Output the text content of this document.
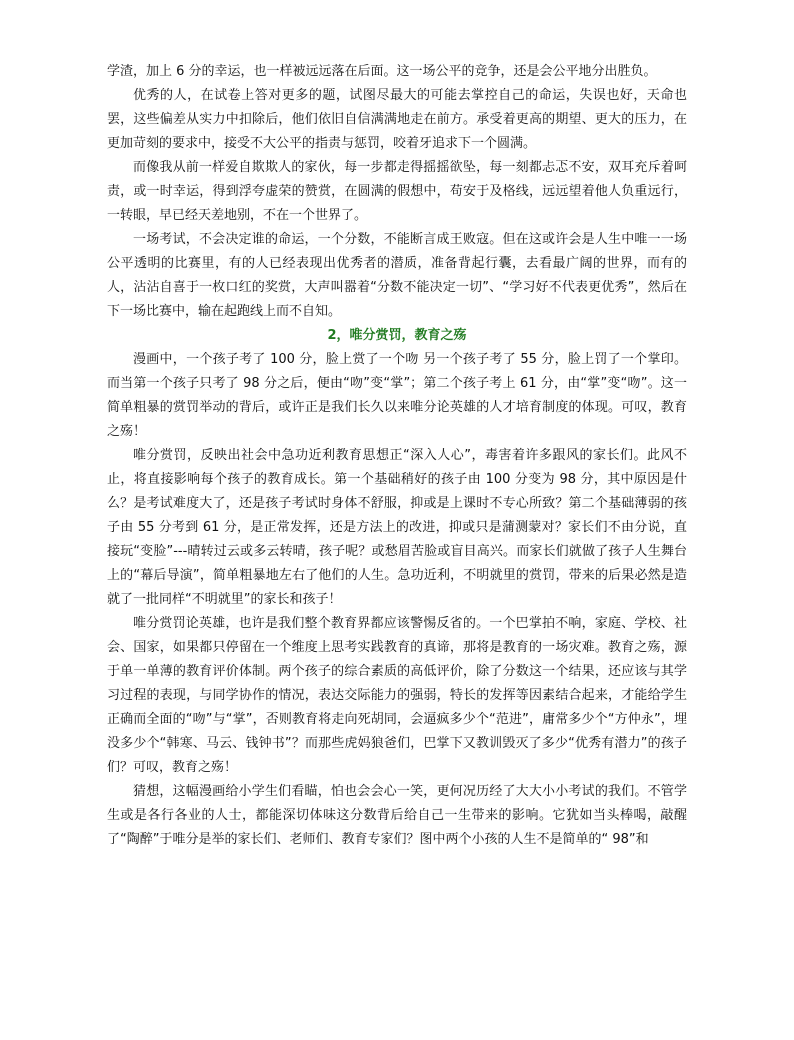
学渣，加上 6 分的幸运，也一样被远远落在后面。这一场公平的竞争，还是会公平地分出胜负。

优秀的人，在试卷上答对更多的题，试图尽最大的可能去掌控自己的命运，失误也好，天命也罢，这些偏差从实力中扣除后，他们依旧自信满满地走在前方。承受着更高的期望、更大的压力，在更加苛刻的要求中，接受不大公平的指责与惩罚，咬着牙追求下一个圆满。

而像我从前一样爱自欺欺人的家伙，每一步都走得摇摇欲坠，每一刻都忐忑不安，双耳充斥着呵责，或一时幸运，得到浮夸虚荣的赞赏，在圆满的假想中，苟安于及格线，远远望着他人负重远行，一转眼，早已经天差地别，不在一个世界了。

一场考试，不会决定谁的命运，一个分数，不能断言成王败寇。但在这或许会是人生中唯一一场公平透明的比赛里，有的人已经表现出优秀者的潜质，准备背起行囊，去看最广阔的世界，而有的人，沾沾自喜于一枚口红的奖赏，大声叫嚣着“分数不能决定一切”、“学习好不代表更优秀”，然后在下一场比赛中，输在起跑线上而不自知。

2，唯分赏罚，教育之殇

漫画中，一个孩子考了 100 分，脸上赏了一个吻 另一个孩子考了 55 分，脸上罚了一个掌印。而当第一个孩子只考了 98 分之后，便由“吻”变“掌”；第二个孩子考上 61 分，由“掌”变“吻”。这一简单粗暴的赏罚举动的背后，或许正是我们长久以来唯分论英雄的人才培育制度的体现。可叹，教育之殇！

唯分赏罚，反映出社会中急功近利教育思想正“深入人心”，毒害着许多跟风的家长们。此风不止，将直接影响每个孩子的教育成长。第一个基础稍好的孩子由 100 分变为 98 分，其中原因是什么？是考试难度大了，还是孩子考试时身体不舒服，抑或是上课时不专心所致？第二个基础薄弱的孩子由 55 分考到 61 分，是正常发挥，还是方法上的改进，抑或只是蒲测蒙对？家长们不由分说，直接玩“变脸”---晴转过云或多云转晴，孩子呢？或愁眉苦脸或盲目高兴。而家长们就做了孩子人生舞台上的“幕后导演”，简单粗暴地左右了他们的人生。急功近利，不明就里的赏罚，带来的后果必然是造就了一批同样“不明就里”的家长和孩子！

唯分赏罚论英雄，也许是我们整个教育界都应该警惕反省的。一个巴掌拍不响，家庭、学校、社会、国家，如果都只停留在一个维度上思考实践教育的真谛，那将是教育的一场灾难。教育之殇，源于单一单薄的教育评价体制。两个孩子的综合素质的高低评价，除了分数这一个结果，还应该与其学习过程的表现，与同学协作的情况，表达交际能力的强弱，特长的发挥等因素结合起来，才能给学生正确而全面的“吻”与“掌”，否则教育将走向死胡同，会逼疯多少个“范进”，庸常多少个“方仲永”，埋没多少个“韩寒、马云、钱钟书”？而那些虎妈狼爸们，巴掌下又教训毁灭了多少“优秀有潜力”的孩子们？可叹，教育之殇！

猜想，这幅漫画给小学生们看瞄，怕也会会心一笑，更何况历经了大大小小考试的我们。不管学生或是各行各业的人士，都能深切体味这分数背后给自己一生带来的影响。它犹如当头棒喝，敲醒了“陶醉”于唯分是举的家长们、老师们、教育专家们？图中两个小孩的人生不是简单的“ 98”和
